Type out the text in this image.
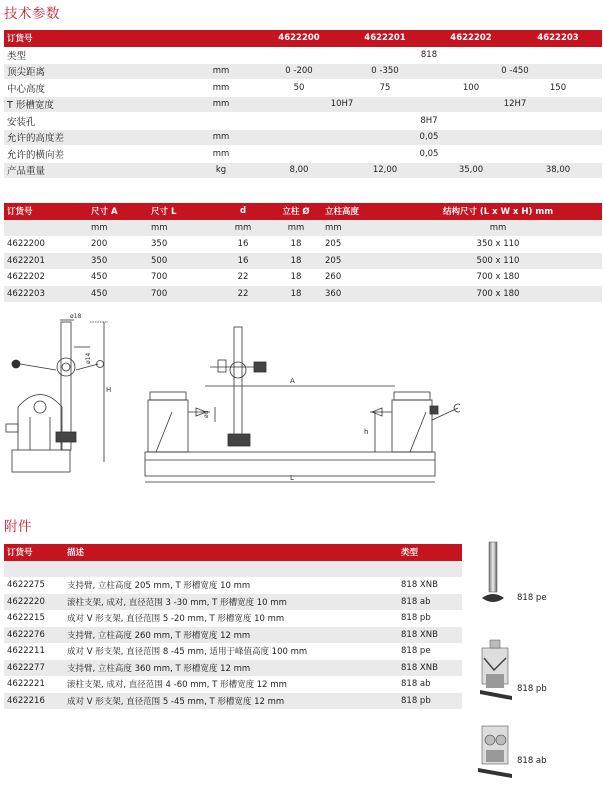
技术参数
订货号		4622200	4622201	4622202	4622203
类型		818			
顶尖距离	mm	0 -200	0 -350	0 -450	
中心高度	mm	50	75	100	150
T 形槽宽度	mm	10H7		12H7	
安装孔		8H7			
允许的高度差	mm	0,05			
允许的横向差	mm	0,05			
产品重量	kg	8,00	12,00	35,00	38,00
订货号	尺寸 A	尺寸 L	d	立柱 Ø	立柱高度	结构尺寸 (L x W x H) mm
	mm	mm	mm	mm	mm	mm
4622200	200	350	16	18	205	350 x 110
4622201	350	500	16	18	205	500 x 110
4622202	450	700	22	18	260	700 x 180
4622203	450	700	22	18	360	700 x 180
ø18
ø14
H
A
h
ød
L
附件
订货号	描述	类型

4622275	支持臂, 立柱高度 205 mm, T 形槽宽度 10 mm	818 XNB
4622220	滚柱支架, 成对, 直径范围 3 -30 mm, T 形槽宽度 10 mm	818 ab
4622215	成对 V 形支架, 直径范围 5 -20 mm, T 形槽宽度 10 mm	818 pb
4622276	支持臂, 立柱高度 260 mm, T 形槽宽度 12 mm	818 XNB
4622211	成对 V 形支架, 直径范围 8 -45 mm, 适用于峰值高度 100 mm	818 pe
4622277	支持臂, 立柱高度 360 mm, T 形槽宽度 12 mm	818 XNB
4622221	滚柱支架, 成对, 直径范围 4 -60 mm, T 形槽宽度 12 mm	818 ab
4622216	成对 V 形支架, 直径范围 5 -45 mm, T 形槽宽度 12 mm	818 pb
818 pe
818 pb
818 ab
